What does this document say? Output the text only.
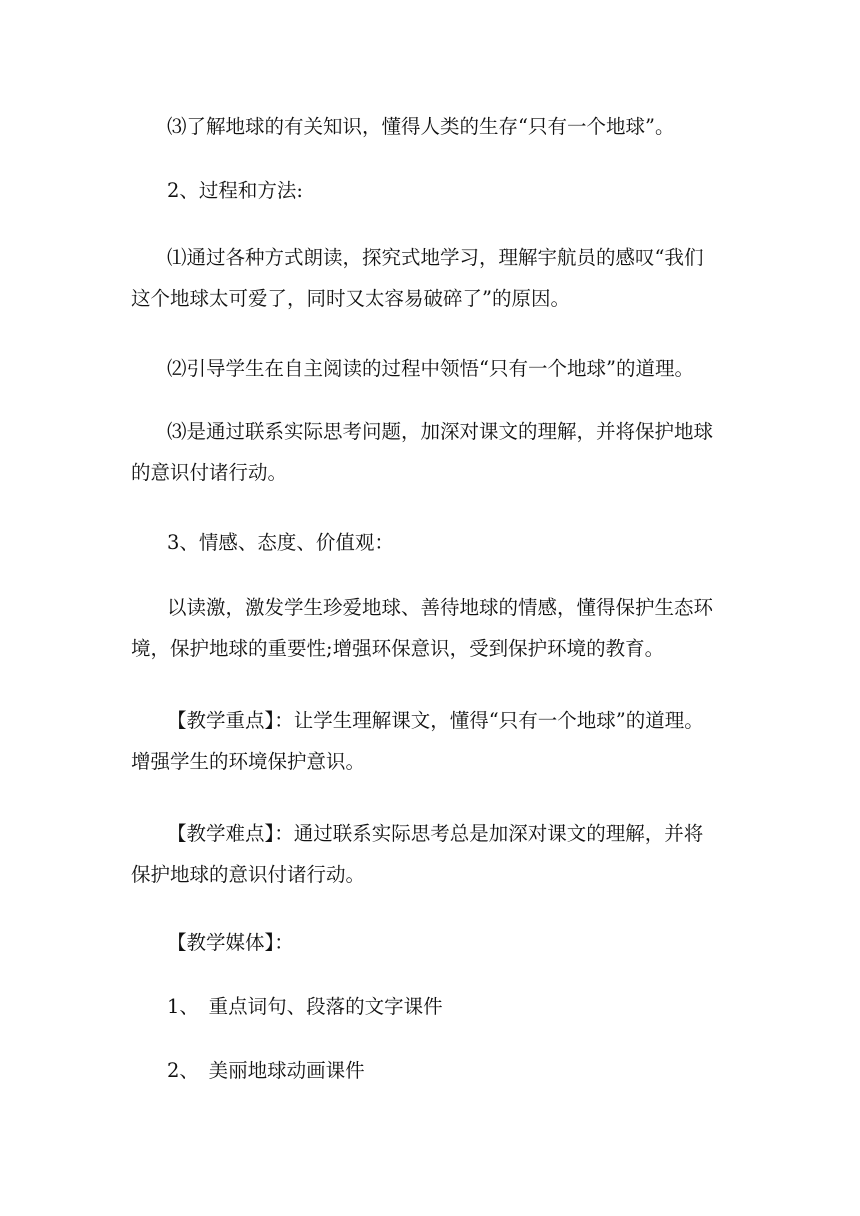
⑶了解地球的有关知识，懂得人类的生存“只有一个地球”。

2、过程和方法:

⑴通过各种方式朗读，探究式地学习，理解宇航员的感叹“我们
这个地球太可爱了，同时又太容易破碎了”的原因。

⑵引导学生在自主阅读的过程中领悟“只有一个地球”的道理。

⑶是通过联系实际思考问题，加深对课文的理解，并将保护地球
的意识付诸行动。

3、情感、态度、价值观：

以读激，激发学生珍爱地球、善待地球的情感，懂得保护生态环
境，保护地球的重要性;增强环保意识，受到保护环境的教育。

【教学重点】：让学生理解课文，懂得“只有一个地球”的道理。
增强学生的环境保护意识。

【教学难点】：通过联系实际思考总是加深对课文的理解，并将
保护地球的意识付诸行动。

【教学媒体】：

1、　重点词句、段落的文字课件

2、　美丽地球动画课件
